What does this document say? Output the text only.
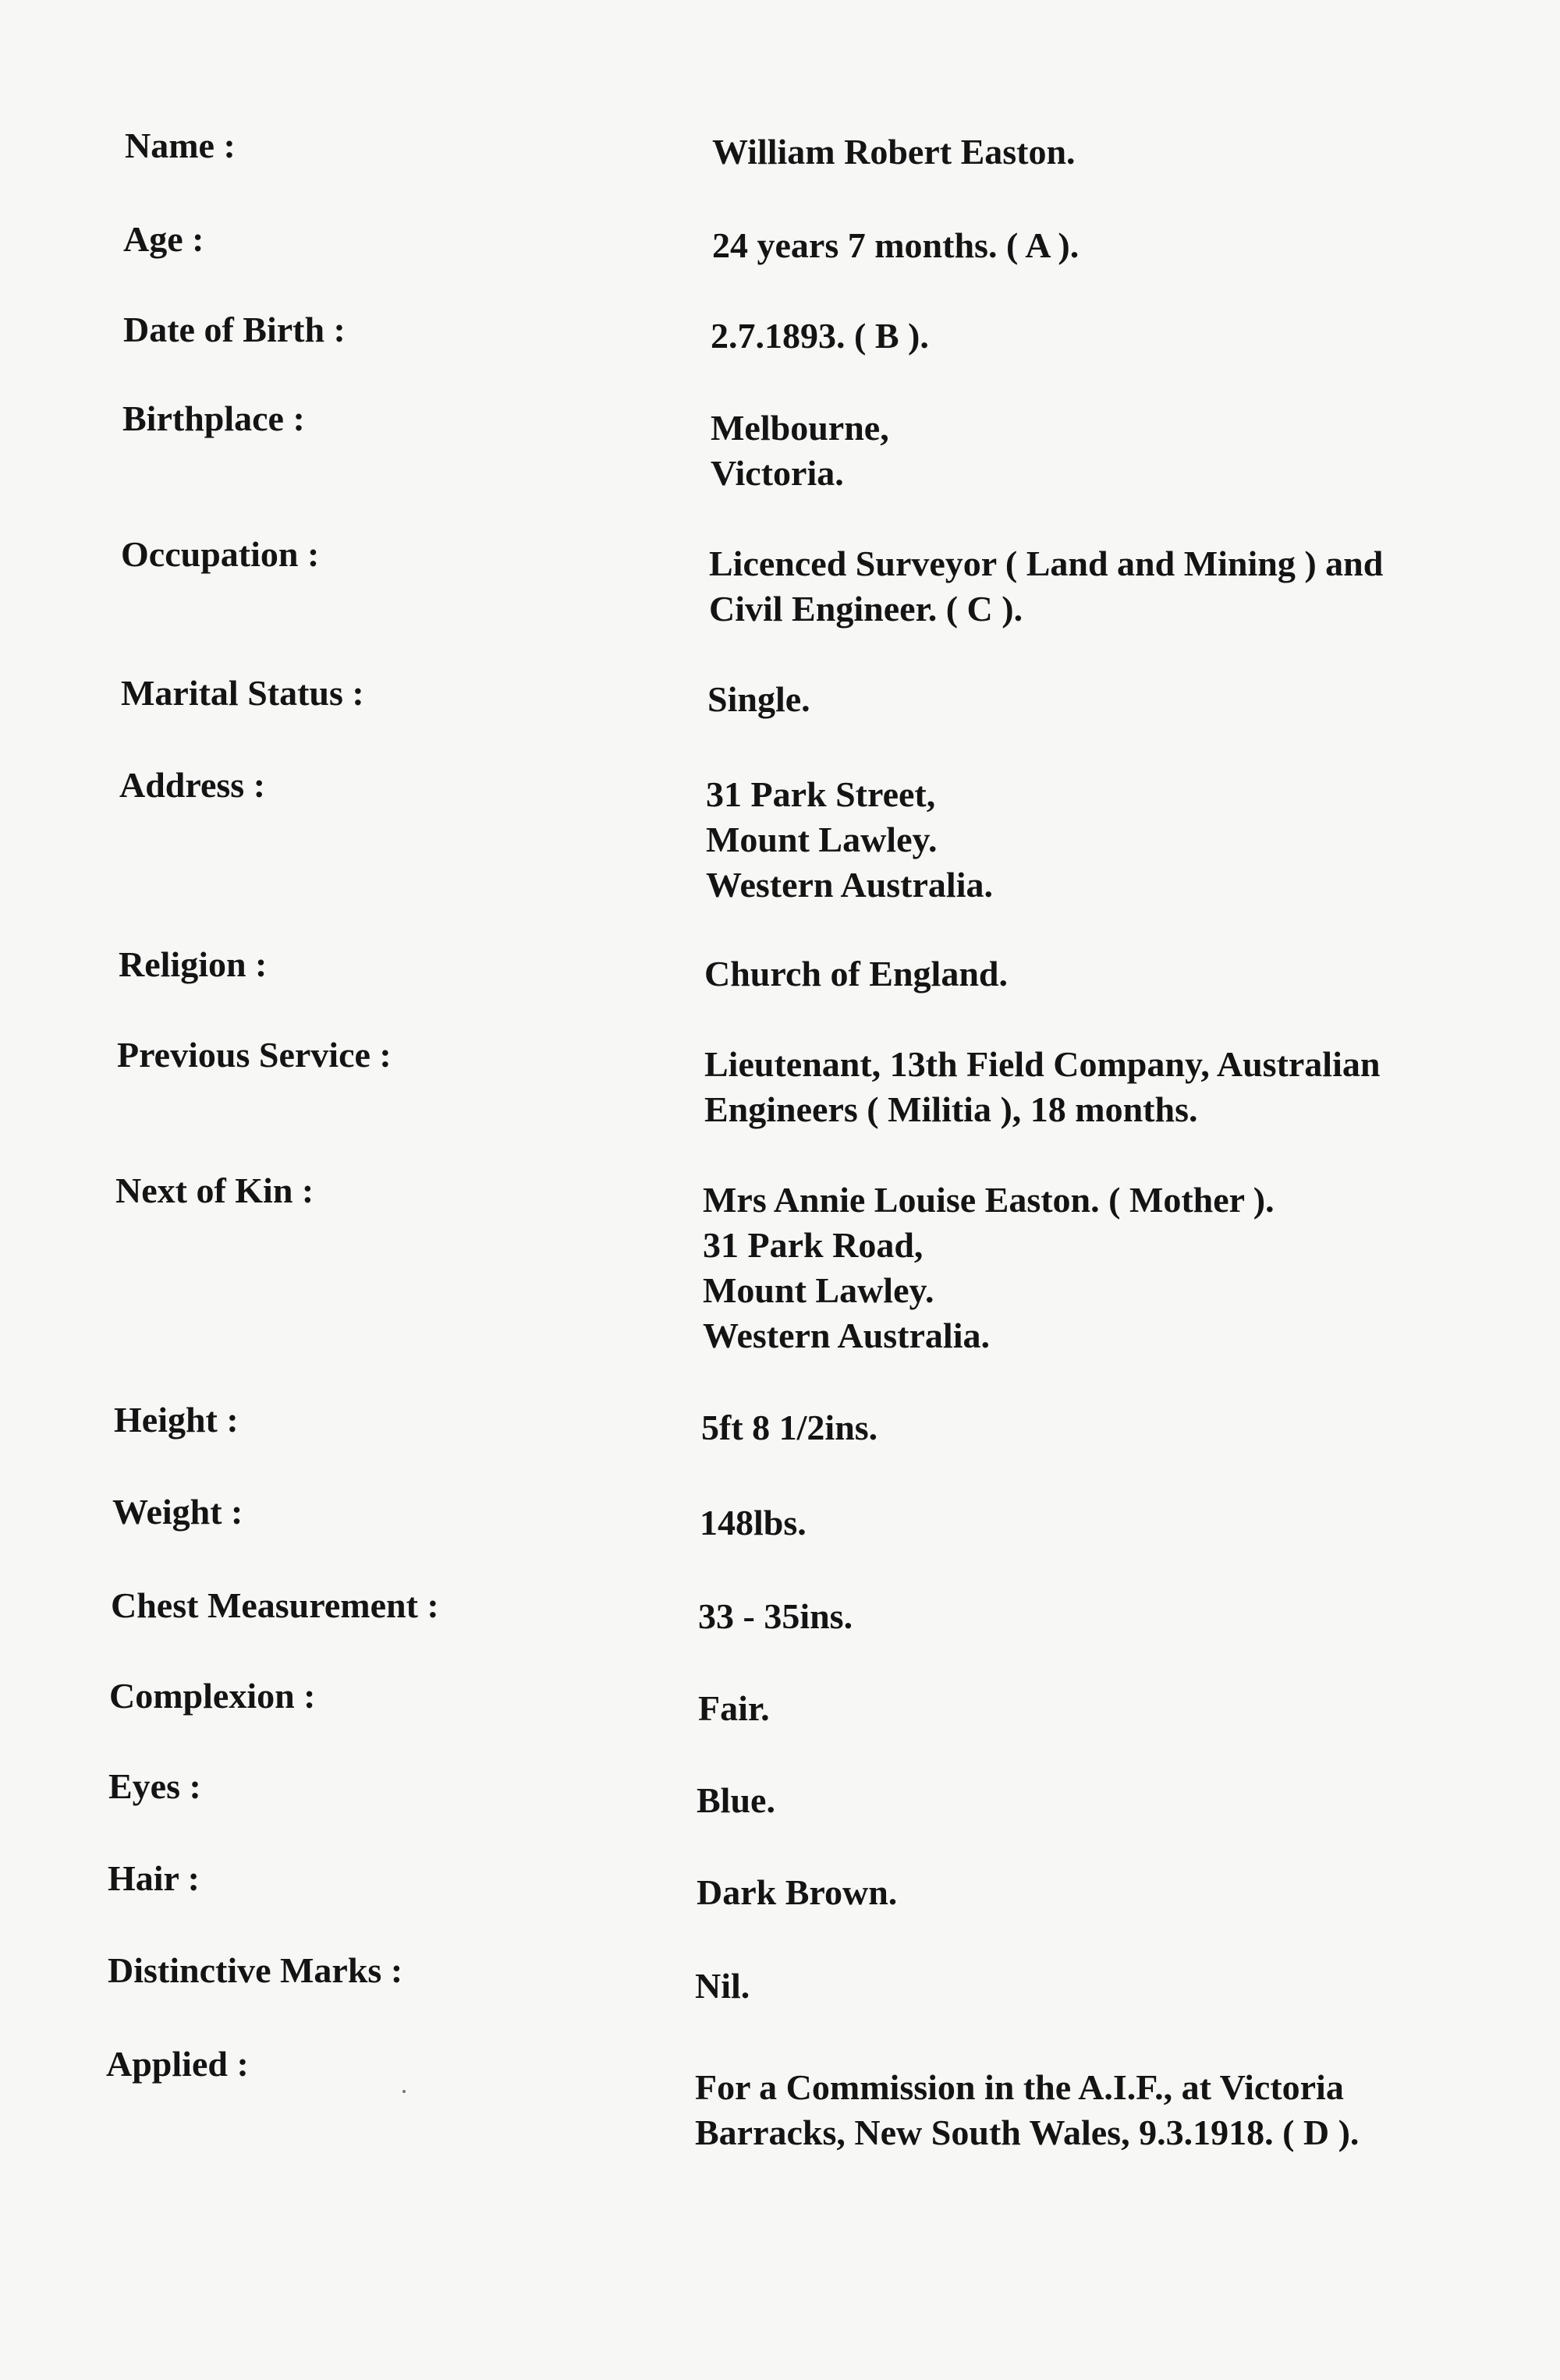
Name :	William Robert Easton.
Age :	24 years 7 months. ( A ).
Date of Birth :	2.7.1893. ( B ).
Birthplace :	Melbourne,
Victoria.
Occupation :	Licenced Surveyor ( Land and Mining ) and
Civil Engineer. ( C ).
Marital Status :	Single.
Address :	31 Park Street,
Mount Lawley.
Western Australia.
Religion :	Church of England.
Previous Service :	Lieutenant, 13th Field Company, Australian
Engineers ( Militia ), 18 months.
Next of Kin :	Mrs Annie Louise Easton. ( Mother ).
31 Park Road,
Mount Lawley.
Western Australia.
Height :	5ft 8 1/2ins.
Weight :	148lbs.
Chest Measurement :	33 - 35ins.
Complexion :	Fair.
Eyes :	Blue.
Hair :	Dark Brown.
Distinctive Marks :	Nil.
Applied :
For a Commission in the A.I.F., at Victoria
Barracks, New South Wales, 9.3.1918. ( D ).
